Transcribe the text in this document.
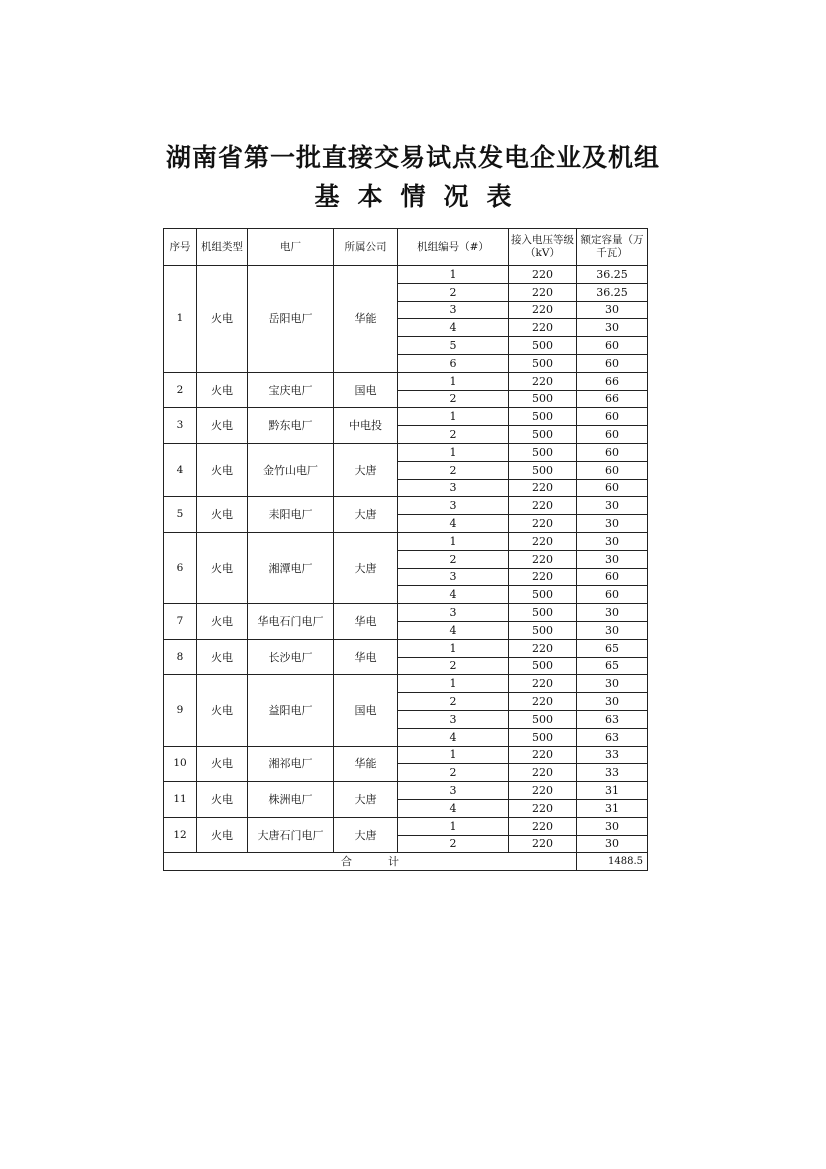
湖南省第一批直接交易试点发电企业及机组
基本情况表
序号	机组类型	电厂	所属公司	机组编号（#）	接入电压等级（kV）	额定容量（万千瓦）
1	火电	岳阳电厂	华能	1	220	36.25
				2	220	36.25
				3	220	30
				4	220	30
				5	500	60
				6	500	60
2	火电	宝庆电厂	国电	1	220	66
				2	500	66
3	火电	黔东电厂	中电投	1	500	60
				2	500	60
4	火电	金竹山电厂	大唐	1	500	60
				2	500	60
				3	220	60
5	火电	耒阳电厂	大唐	3	220	30
				4	220	30
6	火电	湘潭电厂	大唐	1	220	30
				2	220	30
				3	220	60
				4	500	60
7	火电	华电石门电厂	华电	3	500	30
				4	500	30
8	火电	长沙电厂	华电	1	220	65
				2	500	65
9	火电	益阳电厂	国电	1	220	30
				2	220	30
				3	500	63
				4	500	63
10	火电	湘祁电厂	华能	1	220	33
				2	220	33
11	火电	株洲电厂	大唐	3	220	31
				4	220	31
12	火电	大唐石门电厂	大唐	1	220	30
				2	220	30
合计						1488.5
